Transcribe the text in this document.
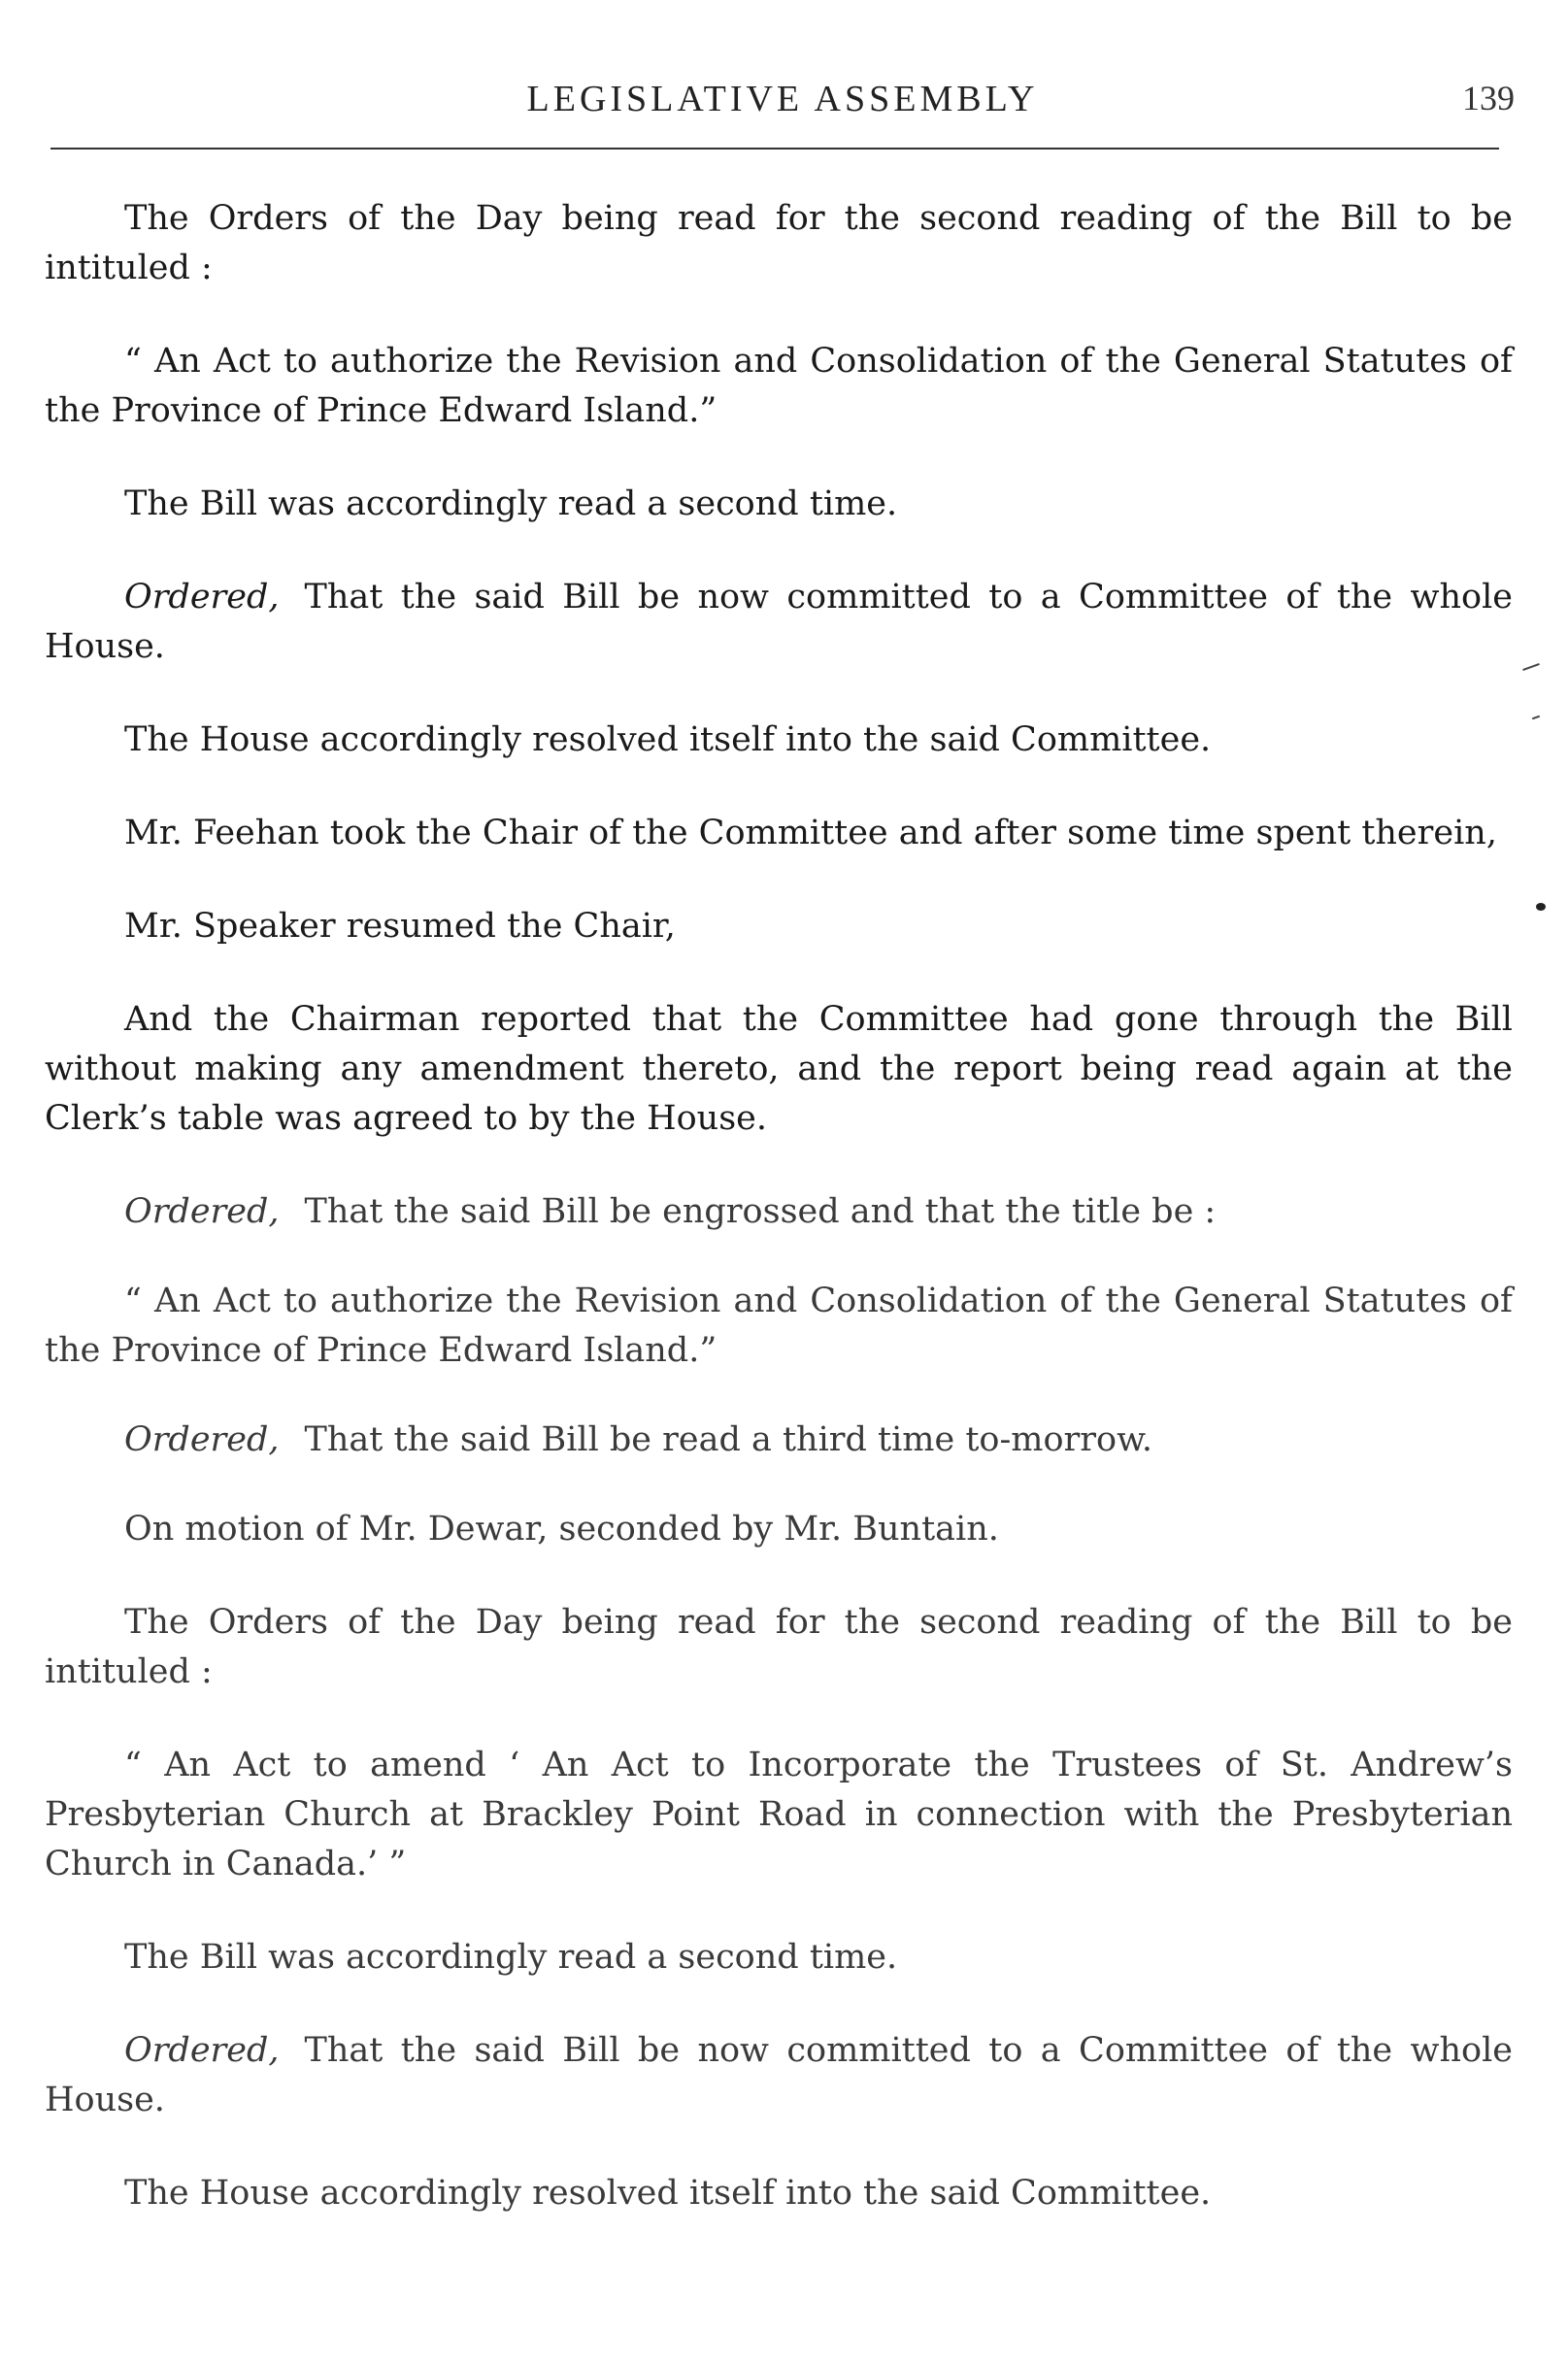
LEGISLATIVE ASSEMBLY	139

The Orders of the Day being read for the second reading of the Bill to be intituled :

“ An Act to authorize the Revision and Consolidation of the General Statutes of the Province of Prince Edward Island.”

The Bill was accordingly read a second time.

Ordered, That the said Bill be now committed to a Committee of the whole House.

The House accordingly resolved itself into the said Committee.

Mr. Feehan took the Chair of the Committee and after some time spent therein,

Mr. Speaker resumed the Chair,

And the Chairman reported that the Committee had gone through the Bill without making any amendment thereto, and the report being read again at the Clerk’s table was agreed to by the House.

Ordered, That the said Bill be engrossed and that the title be :

“ An Act to authorize the Revision and Consolidation of the General Statutes of the Province of Prince Edward Island.”

Ordered, That the said Bill be read a third time to-morrow.

On motion of Mr. Dewar, seconded by Mr. Buntain.

The Orders of the Day being read for the second reading of the Bill to be intituled :

“ An Act to amend ‘ An Act to Incorporate the Trustees of St. Andrew’s Presbyterian Church at Brackley Point Road in connection with the Presbyterian Church in Canada.’ ”

The Bill was accordingly read a second time.

Ordered, That the said Bill be now committed to a Committee of the whole House.

The House accordingly resolved itself into the said Committee.
